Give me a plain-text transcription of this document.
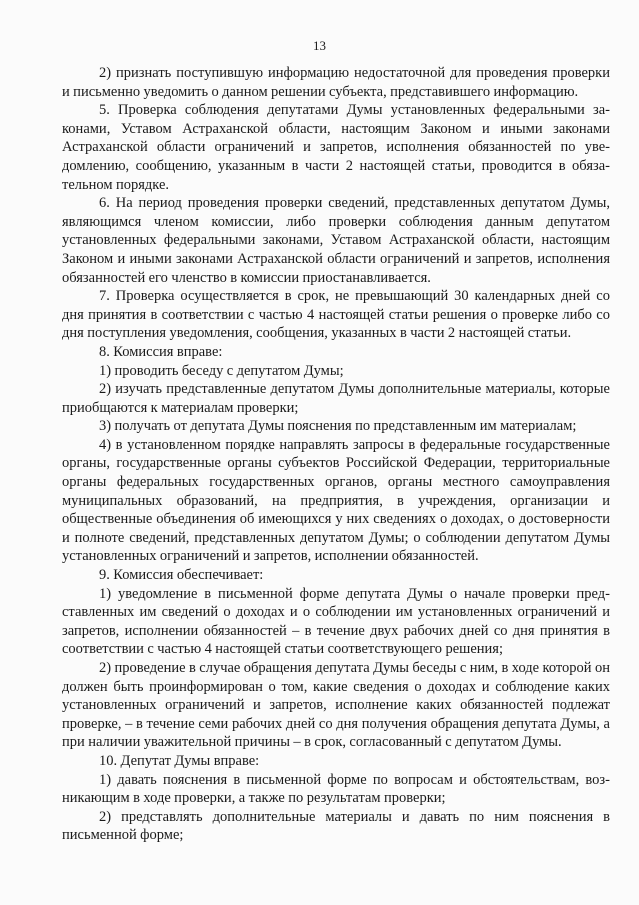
13

2) признать поступившую информацию недостаточной для проведения проверки и письменно уведомить о данном решении субъекта, представившего информацию.

5. Проверка соблюдения депутатами Думы установленных федеральными законами, Уставом Астраханской области, настоящим Законом и иными законами Астраханской области ограничений и запретов, исполнения обязанностей по уведомлению, сообщению, указанным в части 2 настоящей статьи, проводится в обязательном порядке.

6. На период проведения проверки сведений, представленных депутатом Думы, являющимся членом комиссии, либо проверки соблюдения данным депутатом установленных федеральными законами, Уставом Астраханской области, настоящим Законом и иными законами Астраханской области ограничений и запретов, исполнения обязанностей его членство в комиссии приостанавливается.

7. Проверка осуществляется в срок, не превышающий 30 календарных дней со дня принятия в соответствии с частью 4 настоящей статьи решения о проверке либо со дня поступления уведомления, сообщения, указанных в части 2 настоящей статьи.

8. Комиссия вправе:

1) проводить беседу с депутатом Думы;

2) изучать представленные депутатом Думы дополнительные материалы, которые приобщаются к материалам проверки;

3) получать от депутата Думы пояснения по представленным им материалам;

4) в установленном порядке направлять запросы в федеральные государственные органы, государственные органы субъектов Российской Федерации, территориальные органы федеральных государственных органов, органы местного самоуправления муниципальных образований, на предприятия, в учреждения, организации и общественные объединения об имеющихся у них сведениях о доходах, о достоверности и полноте сведений, представленных депутатом Думы; о соблюдении депутатом Думы установленных ограничений и запретов, исполнении обязанностей.

9. Комиссия обеспечивает:

1) уведомление в письменной форме депутата Думы о начале проверки представленных им сведений о доходах и о соблюдении им установленных ограничений и запретов, исполнении обязанностей – в течение двух рабочих дней со дня принятия в соответствии с частью 4 настоящей статьи соответствующего решения;

2) проведение в случае обращения депутата Думы беседы с ним, в ходе которой он должен быть проинформирован о том, какие сведения о доходах и соблюдение каких установленных ограничений и запретов, исполнение каких обязанностей подлежат проверке, – в течение семи рабочих дней со дня получения обращения депутата Думы, а при наличии уважительной причины – в срок, согласованный с депутатом Думы.

10. Депутат Думы вправе:

1) давать пояснения в письменной форме по вопросам и обстоятельствам, возникающим в ходе проверки, а также по результатам проверки;

2) представлять дополнительные материалы и давать по ним пояснения в письменной форме;
